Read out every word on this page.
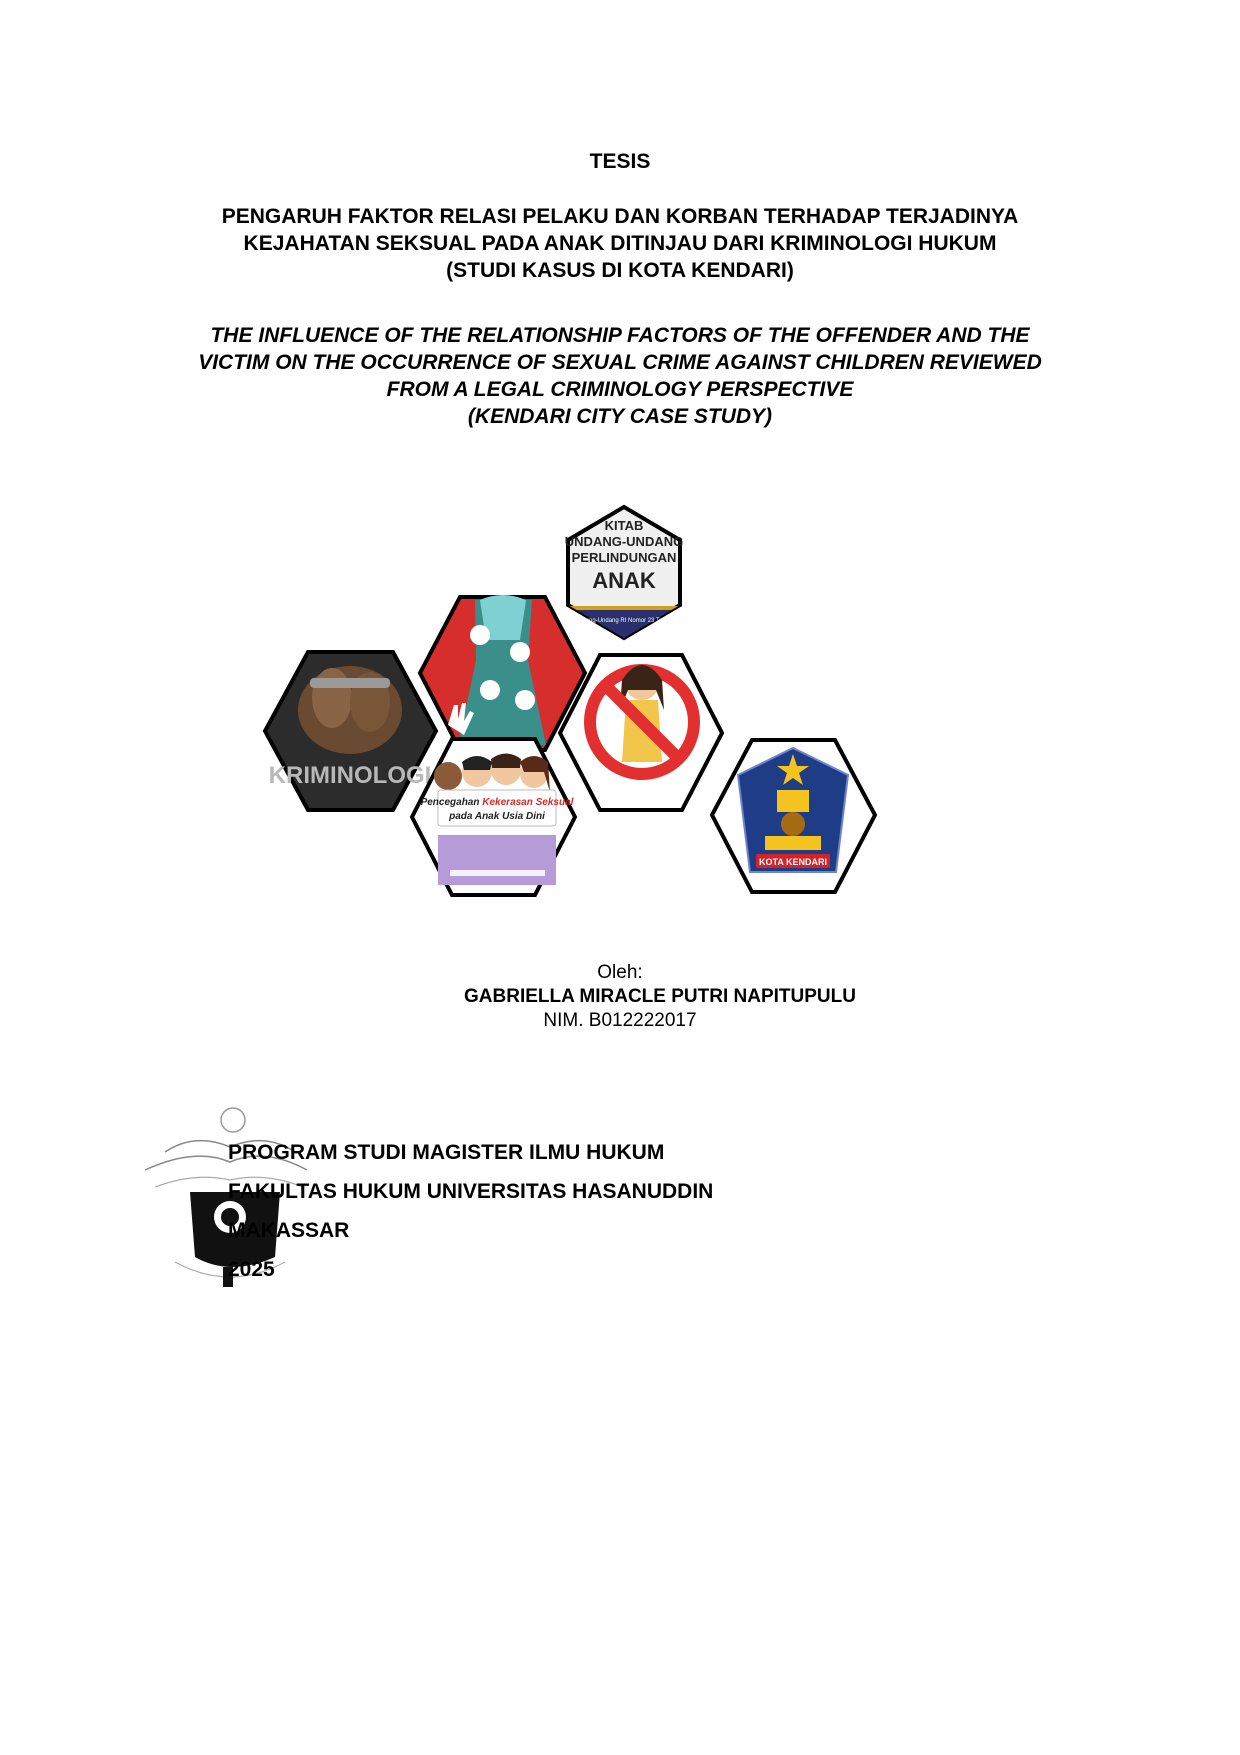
TESIS
PENGARUH FAKTOR RELASI PELAKU DAN KORBAN TERHADAP TERJADINYA
KEJAHATAN SEKSUAL PADA ANAK DITINJAU DARI KRIMINOLOGI HUKUM
(STUDI KASUS DI KOTA KENDARI)
THE INFLUENCE OF THE RELATIONSHIP FACTORS OF THE OFFENDER AND THE
VICTIM ON THE OCCURRENCE OF SEXUAL CRIME AGAINST CHILDREN REVIEWED
FROM A LEGAL CRIMINOLOGY PERSPECTIVE
(KENDARI CITY CASE STUDY)
KRIMINOLOGI
KITAB
UNDANG-UNDANG
PERLINDUNGAN
ANAK
Undang-Undang RI Nomor 23 Tahun 2
Pencegahan Kekerasan Seksual
pada Anak Usia Dini
KOTA KENDARI
Oleh:
GABRIELLA MIRACLE PUTRI NAPITUPULU
NIM. B012222017
PROGRAM STUDI MAGISTER ILMU HUKUM
FAKULTAS HUKUM UNIVERSITAS HASANUDDIN
MAKASSAR
2025
